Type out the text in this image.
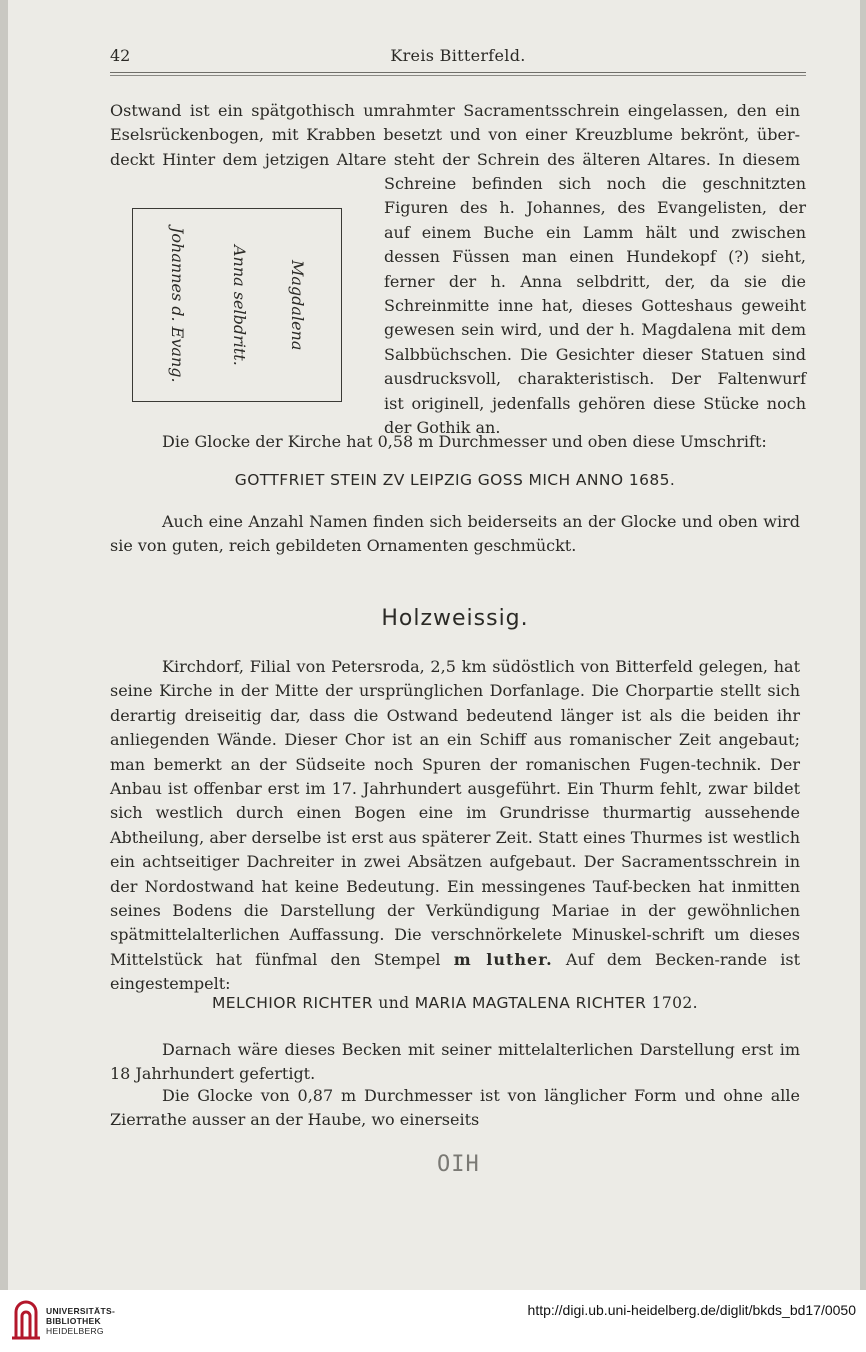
42	Kreis Bitterfeld.
Ostwand ist ein spätgothisch umrahmter Sacramentsschrein eingelassen, den ein
Eselsrückenbogen, mit Krabben besetzt und von einer Kreuzblume bekrönt, über-
deckt Hinter dem jetzigen Altare steht der Schrein des älteren Altares. In diesem
Schreine befinden sich noch die geschnitzten
Figuren des h. Johannes, des Evangelisten, der
auf einem Buche ein Lamm hält und zwischen
dessen Füssen man einen Hundekopf (?) sieht,
ferner der h. Anna selbdritt, der, da sie die
Schreinmitte inne hat, dieses Gotteshaus geweiht
gewesen sein wird, und der h. Magdalena mit dem
Salbbüchschen. Die Gesichter dieser Statuen sind
ausdrucksvoll, charakteristisch. Der Faltenwurf
ist originell, jedenfalls gehören diese Stücke noch
der Gothik an.
Johannes d. Evang.	Anna selbdritt.	Magdalena
Die Glocke der Kirche hat 0,58 m Durchmesser und oben diese Umschrift:
GOTTFRIET STEIN ZV LEIPZIG GOSS MICH ANNO 1685.
Auch eine Anzahl Namen finden sich beiderseits an der Glocke und oben wird sie von guten, reich gebildeten Ornamenten geschmückt.
Holzweissig.
Kirchdorf, Filial von Petersroda, 2,5 km südöstlich von Bitterfeld gelegen, hat seine Kirche in der Mitte der ursprünglichen Dorfanlage. Die Chorpartie stellt sich derartig dreiseitig dar, dass die Ostwand bedeutend länger ist als die beiden ihr anliegenden Wände. Dieser Chor ist an ein Schiff aus romanischer Zeit angebaut; man bemerkt an der Südseite noch Spuren der romanischen Fugen-technik. Der Anbau ist offenbar erst im 17. Jahrhundert ausgeführt. Ein Thurm fehlt, zwar bildet sich westlich durch einen Bogen eine im Grundrisse thurmartig aussehende Abtheilung, aber derselbe ist erst aus späterer Zeit. Statt eines Thurmes ist westlich ein achtseitiger Dachreiter in zwei Absätzen aufgebaut. Der Sacramentsschrein in der Nordostwand hat keine Bedeutung. Ein messingenes Tauf-becken hat inmitten seines Bodens die Darstellung der Verkündigung Mariae in der gewöhnlichen spätmittelalterlichen Auffassung. Die verschnörkelete Minuskel-schrift um dieses Mittelstück hat fünfmal den Stempel m luther. Auf dem Becken-rande ist eingestempelt:
MELCHIOR RICHTER und MARIA MAGTALENA RICHTER 1702.
Darnach wäre dieses Becken mit seiner mittelalterlichen Darstellung erst im 18 Jahrhundert gefertigt.
Die Glocke von 0,87 m Durchmesser ist von länglicher Form und ohne alle Zierrathe ausser an der Haube, wo einerseits
OIH
UNIVERSITÄTS-
BIBLIOTHEK
HEIDELBERG
http://digi.ub.uni-heidelberg.de/diglit/bkds_bd17/0050
